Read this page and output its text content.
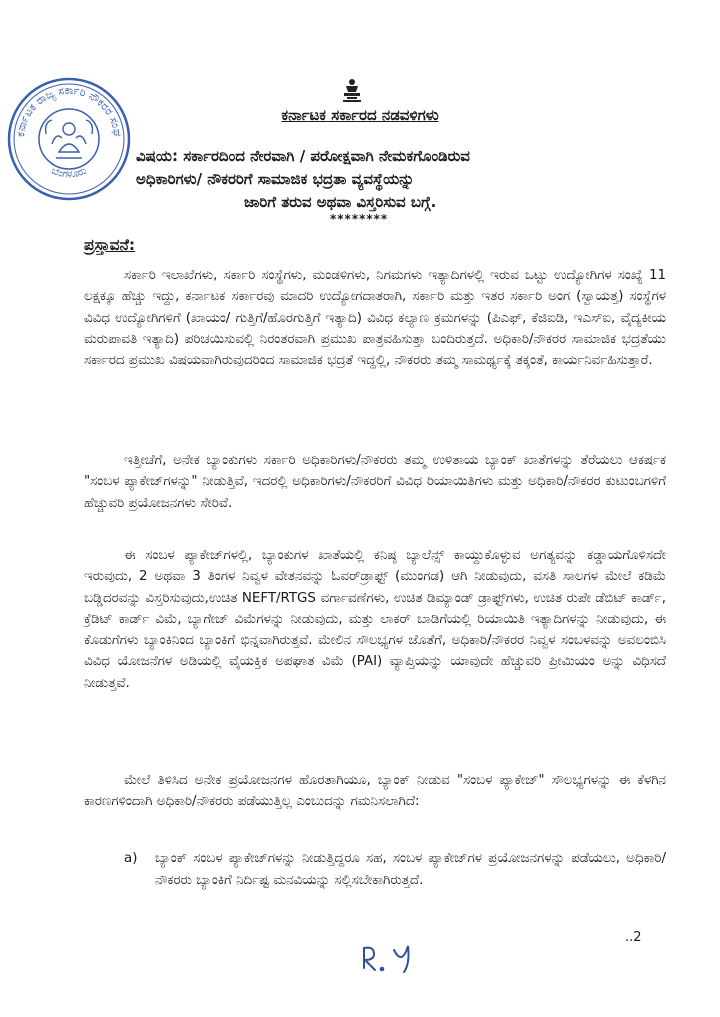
ಕರ್ನಾಟಕ ರಾಜ್ಯ ಸರ್ಕಾರಿ ನೌಕರರ ಸಂಘ
ಬೆಂಗಳೂರು
ಕರ್ನಾಟಕ ಸರ್ಕಾರದ ನಡವಳಿಗಳು
ವಿಷಯ: ಸರ್ಕಾರದಿಂದ ನೇರವಾಗಿ / ಪರೋಕ್ಷವಾಗಿ ನೇಮಕಗೊಂಡಿರುವ
ಅಧಿಕಾರಿಗಳು/ ನೌಕರರಿಗೆ ಸಾಮಾಜಿಕ ಭದ್ರತಾ ವ್ಯವಸ್ಥೆಯನ್ನು
ಜಾರಿಗೆ ತರುವ ಅಥವಾ ವಿಸ್ತರಿಸುವ ಬಗ್ಗೆ.
********
ಪ್ರಸ್ತಾವನೆ:

ಸರ್ಕಾರಿ ಇಲಾಖೆಗಳು, ಸರ್ಕಾರಿ ಸಂಸ್ಥೆಗಳು, ಮಂಡಳಿಗಳು, ನಿಗಮಗಳು ಇತ್ಯಾದಿಗಳಲ್ಲಿ ಇರುವ ಒಟ್ಟು ಉದ್ಯೋಗಿಗಳ ಸಂಖ್ಯೆ 11 ಲಕ್ಷಕ್ಕೂ ಹೆಚ್ಚು ಇದ್ದು, ಕರ್ನಾಟಕ ಸರ್ಕಾರವು ಮಾದರಿ ಉದ್ಯೋಗದಾತರಾಗಿ, ಸರ್ಕಾರಿ ಮತ್ತು ಇತರ ಸರ್ಕಾರಿ ಅಂಗ (ಸ್ವಾಯತ್ತ) ಸಂಸ್ಥೆಗಳ ವಿವಿಧ ಉದ್ಯೋಗಿಗಳಿಗೆ (ಖಾಯಂ/ ಗುತ್ತಿಗೆ/ಹೊರಗುತ್ತಿಗೆ ಇತ್ಯಾದಿ) ವಿವಿಧ ಕಲ್ಯಾಣ ಕ್ರಮಗಳನ್ನು (ಪಿಎಫ್, ಕೆಜಿಐಡಿ, ಇಎಸ್ಐ, ವೈದ್ಯಕೀಯ ಮರುಪಾವತಿ ಇತ್ಯಾದಿ) ಪರಿಚಯಿಸುವಲ್ಲಿ ನಿರಂತರವಾಗಿ ಪ್ರಮುಖ ಪಾತ್ರವಹಿಸುತ್ತಾ ಬಂದಿರುತ್ತದೆ. ಅಧಿಕಾರಿ/ನೌಕರರ ಸಾಮಾಜಿಕ ಭದ್ರತೆಯು ಸರ್ಕಾರದ ಪ್ರಮುಖ ವಿಷಯವಾಗಿರುವುದರಿಂದ ಸಾಮಾಜಿಕ ಭದ್ರತೆ ಇದ್ದಲ್ಲಿ, ನೌಕರರು ತಮ್ಮ ಸಾಮರ್ಥ್ಯಕ್ಕೆ ತಕ್ಕಂತೆ, ಕಾರ್ಯನಿರ್ವಹಿಸುತ್ತಾರೆ.

ಇತ್ತೀಚೆಗೆ, ಅನೇಕ ಬ್ಯಾಂಕುಗಳು ಸರ್ಕಾರಿ ಅಧಿಕಾರಿಗಳು/ನೌಕರರು ತಮ್ಮ ಉಳಿತಾಯ ಬ್ಯಾಂಕ್ ಖಾತೆಗಳನ್ನು ತೆರೆಯಲು ಆಕರ್ಷಕ "ಸಂಬಳ ಪ್ಯಾಕೇಜ್‌ಗಳನ್ನು" ನೀಡುತ್ತಿವೆ, ಇದರಲ್ಲಿ ಅಧಿಕಾರಿಗಳು/ನೌಕರರಿಗೆ ವಿವಿಧ ರಿಯಾಯಿತಿಗಳು ಮತ್ತು ಅಧಿಕಾರಿ/ನೌಕರರ ಕುಟುಂಬಗಳಿಗೆ ಹೆಚ್ಚುವರಿ ಪ್ರಯೋಜನಗಳು ಸೇರಿವೆ.

ಈ ಸಂಬಳ ಪ್ಯಾಕೇಜ್‌ಗಳಲ್ಲಿ, ಬ್ಯಾಂಕುಗಳ ಖಾತೆಯಲ್ಲಿ ಕನಿಷ್ಠ ಬ್ಯಾಲೆನ್ಸ್ ಕಾಯ್ದುಕೊಳ್ಳುವ ಅಗತ್ಯವನ್ನು ಕಡ್ಡಾಯಗೊಳಿಸದೇ ಇರುವುದು, 2 ಅಥವಾ 3 ತಿಂಗಳ ನಿವ್ವಳ ವೇತನವನ್ನು ಓವರ್‌ಡ್ರಾಫ್ಟ್ (ಮುಂಗಡ) ಆಗಿ ನೀಡುವುದು, ವಸತಿ ಸಾಲಗಳ ಮೇಲೆ ಕಡಿಮೆ ಬಡ್ಡಿದರವನ್ನು ವಿಸ್ತರಿಸುವುದು,ಉಚಿತ NEFT/RTGS ವರ್ಗಾವಣೆಗಳು, ಉಚಿತ ಡಿಮ್ಯಾಂಡ್ ಡ್ರಾಫ್ಟ್‌ಗಳು, ಉಚಿತ ರುಪೇ ಡೆಬಿಟ್ ಕಾರ್ಡ್, ಕ್ರೆಡಿಟ್ ಕಾರ್ಡ್ ವಿಮೆ, ಬ್ಯಾಗೇಜ್ ವಿಮೆಗಳನ್ನು ನೀಡುವುದು, ಮತ್ತು ಲಾಕರ್ ಬಾಡಿಗೆಯಲ್ಲಿ ರಿಯಾಯಿತಿ ಇತ್ಯಾದಿಗಳನ್ನು ನೀಡುವುದು, ಈ ಕೊಡುಗೆಗಳು ಬ್ಯಾಂಕಿನಿಂದ ಬ್ಯಾಂಕಿಗೆ ಭಿನ್ನವಾಗಿರುತ್ತವೆ. ಮೇಲಿನ ಸೌಲಭ್ಯಗಳ ಜೊತೆಗೆ, ಅಧಿಕಾರಿ/ನೌಕರರ ನಿವ್ವಳ ಸಂಬಳವನ್ನು ಅವಲಂಬಿಸಿ ವಿವಿಧ ಯೋಜನೆಗಳ ಅಡಿಯಲ್ಲಿ ವೈಯಕ್ತಿಕ ಅಪಘಾತ ವಿಮೆ (PAI) ವ್ಯಾಪ್ತಿಯನ್ನು ಯಾವುದೇ ಹೆಚ್ಚುವರಿ ಪ್ರೀಮಿಯಂ ಅನ್ನು ವಿಧಿಸದೆ ನೀಡುತ್ತವೆ.

ಮೇಲೆ ತಿಳಿಸಿದ ಅನೇಕ ಪ್ರಯೋಜನಗಳ ಹೊರತಾಗಿಯೂ, ಬ್ಯಾಂಕ್ ನೀಡುವ "ಸಂಬಳ ಪ್ಯಾಕೇಜ್" ಸೌಲಭ್ಯಗಳನ್ನು ಈ ಕೆಳಗಿನ ಕಾರಣಗಳಿಂದಾಗಿ ಅಧಿಕಾರಿ/ನೌಕರರು ಪಡೆಯುತ್ತಿಲ್ಲ ಎಂಬುದನ್ನು ಗಮನಿಸಲಾಗಿದೆ:

a) ಬ್ಯಾಂಕ್ ಸಂಬಳ ಪ್ಯಾಕೇಜ್‌ಗಳನ್ನು ನೀಡುತ್ತಿದ್ದರೂ ಸಹ, ಸಂಬಳ ಪ್ಯಾಕೇಜ್‌ಗಳ ಪ್ರಯೋಜನಗಳನ್ನು ಪಡೆಯಲು, ಅಧಿಕಾರಿ/ನೌಕರರು ಬ್ಯಾಂಕಿಗೆ ನಿರ್ದಿಷ್ಟ ಮನವಿಯನ್ನು ಸಲ್ಲಿಸಬೇಕಾಗಿರುತ್ತದೆ.
..2
